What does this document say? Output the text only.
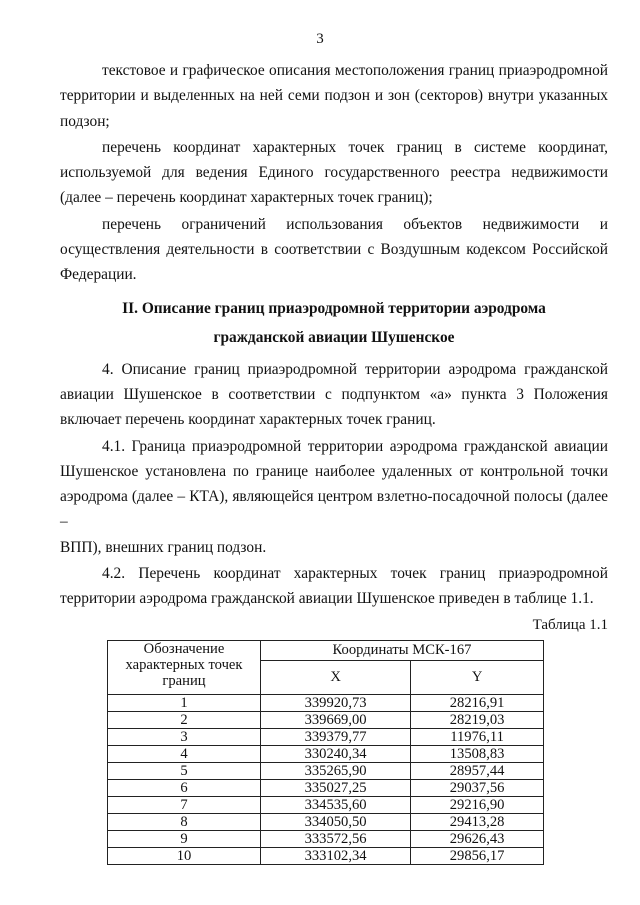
3

текстовое и графическое описания местоположения границ приаэродромной

территории и выделенных на ней семи подзон и зон (секторов) внутри указанных

подзон;

перечень координат характерных точек границ в системе координат,

используемой для ведения Единого государственного реестра недвижимости

(далее – перечень координат характерных точек границ);

перечень ограничений использования объектов недвижимости и

осуществления деятельности в соответствии с Воздушным кодексом Российской

Федерации.

II. Описание границ приаэродромной территории аэродрома
гражданской авиации Шушенское

4. Описание границ приаэродромной территории аэродрома гражданской

авиации Шушенское в соответствии с подпунктом «а» пункта 3 Положения

включает перечень координат характерных точек границ.

4.1. Граница приаэродромной территории аэродрома гражданской авиации

Шушенское установлена по границе наиболее удаленных от контрольной точки

аэродрома (далее – КТА), являющейся центром взлетно-посадочной полосы (далее –

ВПП), внешних границ подзон.

4.2. Перечень координат характерных точек границ приаэродромной

территории аэродрома гражданской авиации Шушенское приведен в таблице 1.1.

Таблица 1.1
Обозначение характерных точек границ	Координаты МСК-167	
	X	Y
1	339920,73	28216,91
2	339669,00	28219,03
3	339379,77	11976,11
4	330240,34	13508,83
5	335265,90	28957,44
6	335027,25	29037,56
7	334535,60	29216,90
8	334050,50	29413,28
9	333572,56	29626,43
10	333102,34	29856,17
